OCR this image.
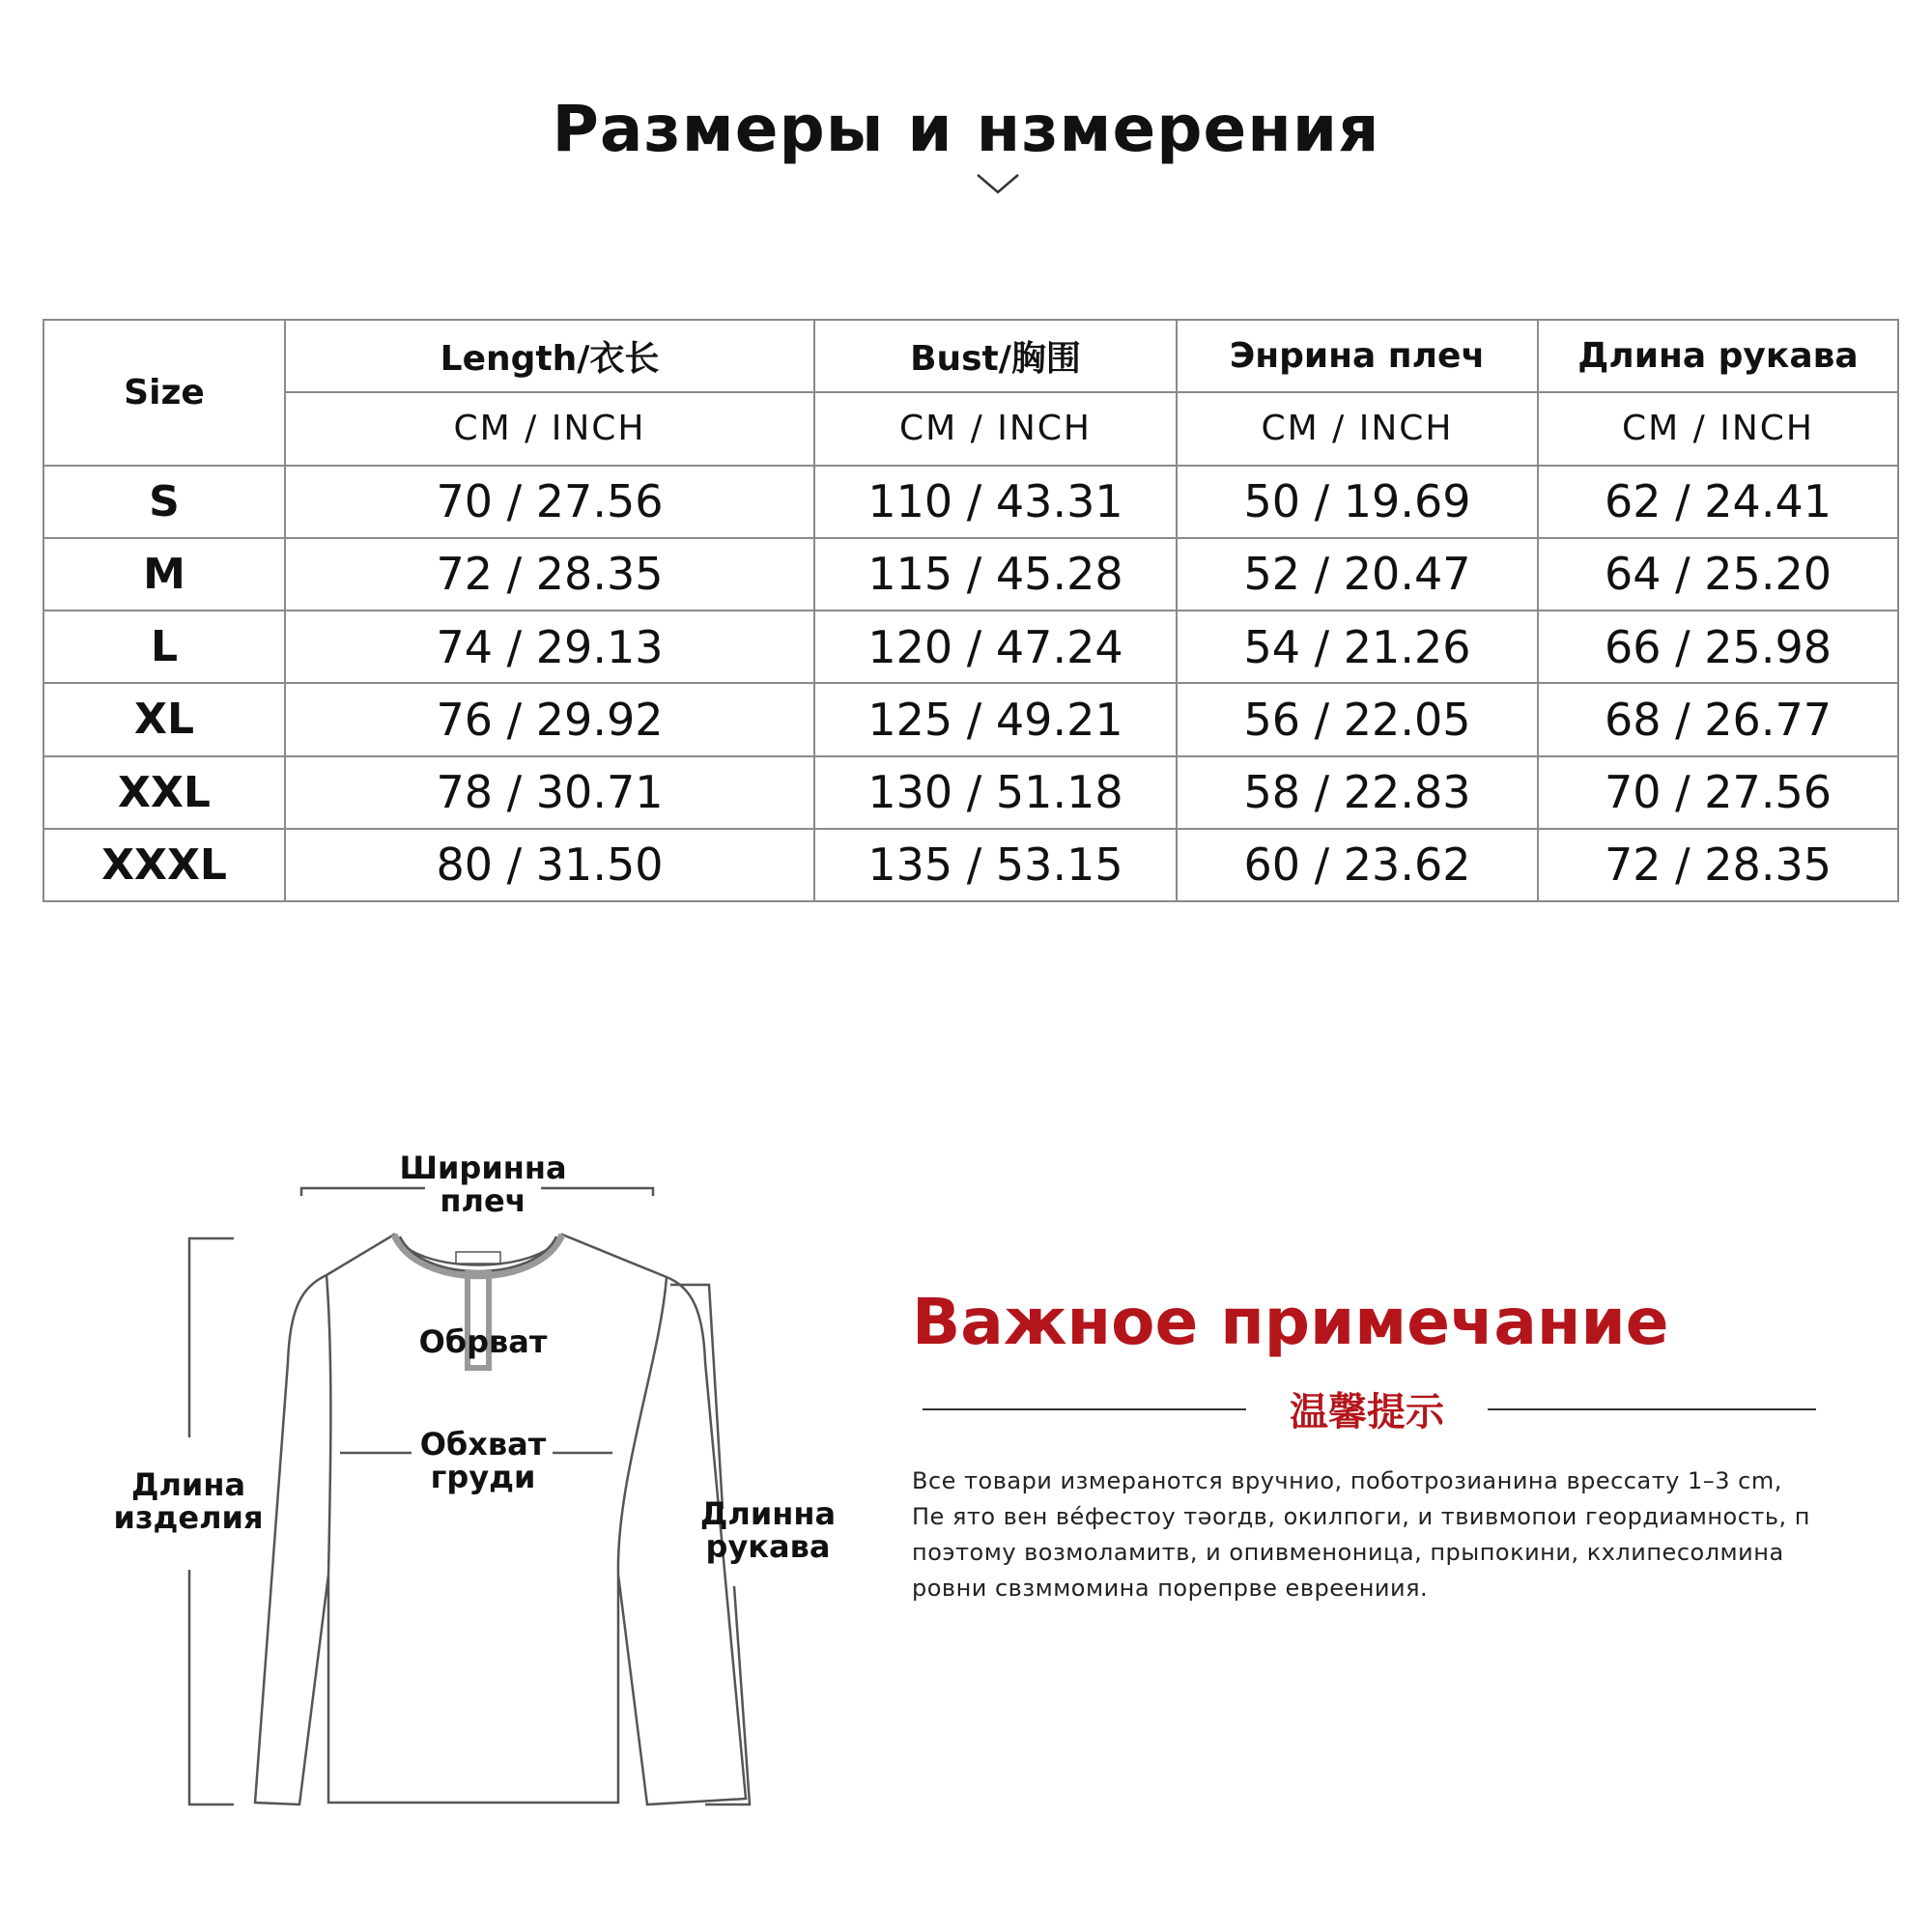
Размеры и нзмерения
Size	Length/衣长	Bust/胸围	Энрина плеч	Длина рукава
	CM / INCH	CM / INCH	CM / INCH	CM / INCH
S	70 / 27.56	110 / 43.31	50 / 19.69	62 / 24.41
M	72 / 28.35	115 / 45.28	52 / 20.47	64 / 25.20
L	74 / 29.13	120 / 47.24	54 / 21.26	66 / 25.98
XL	76 / 29.92	125 / 49.21	56 / 22.05	68 / 26.77
XXL	78 / 30.71	130 / 51.18	58 / 22.83	70 / 27.56
XXXL	80 / 31.50	135 / 53.15	60 / 23.62	72 / 28.35
Ширинна
плеч
Обрват
Обхват
груди
Длина
изделия	Длинна
рукава
Важное примечание
温馨提示
Все товари измеранотся вручнио, поботрозианина врессату 1–3 cm,
Пе ято вен вéфестоу тəоrдв, окилпоги, и твивмопои геордиамность, п
поэтому возмоламитв, и опивменоница, прыпокини, кхлипесолмина
ровни свзммомина порепрве евреениия.
